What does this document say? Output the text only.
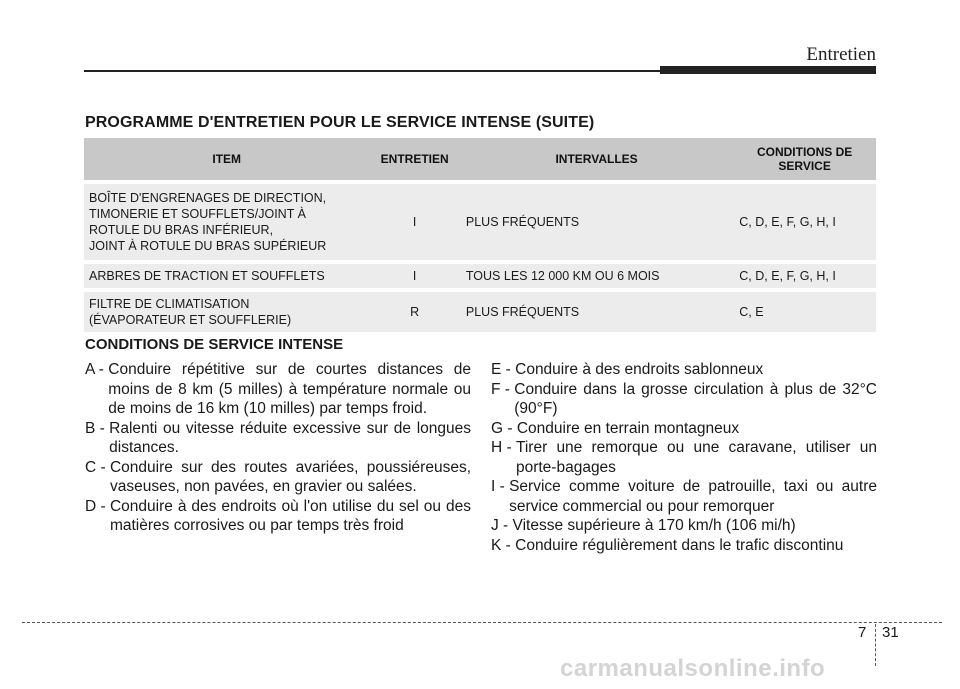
Entretien
PROGRAMME D'ENTRETIEN POUR LE SERVICE INTENSE (SUITE)
ITEM	ENTRETIEN	INTERVALLES	CONDITIONS DE SERVICE

BOÎTE D'ENGRENAGES DE DIRECTION,
TIMONERIE ET SOUFFLETS/JOINT À
ROTULE DU BRAS INFÉRIEUR,
JOINT À ROTULE DU BRAS SUPÉRIEUR	I	PLUS FRÉQUENTS	C, D, E, F, G, H, I

ARBRES DE TRACTION ET SOUFFLETS	I	TOUS LES 12 000 KM OU 6 MOIS	C, D, E, F, G, H, I

FILTRE DE CLIMATISATION
(ÉVAPORATEUR ET SOUFFLERIE)	R	PLUS FRÉQUENTS	C, E
CONDITIONS DE SERVICE INTENSE
A - Conduire répétitive sur de courtes distances de moins de 8 km (5 milles) à température normale ou de moins de 16 km (10 milles) par temps froid.
B - Ralenti ou vitesse réduite excessive sur de longues distances.
C - Conduire sur des routes avariées, poussiéreuses, vaseuses, non pavées, en gravier ou salées.
D - Conduire à des endroits où l'on utilise du sel ou des matières corrosives ou par temps très froid
E - Conduire à des endroits sablonneux
F - Conduire dans la grosse circulation à plus de 32°C (90°F)
G - Conduire en terrain montagneux
H - Tirer une remorque ou une caravane, utiliser un porte-bagages
I - Service comme voiture de patrouille, taxi ou autre service commercial ou pour remorquer
J - Vitesse supérieure à 170 km/h (106 mi/h)
K - Conduire régulièrement dans le trafic discontinu
7 31
carmanualsonline.info
